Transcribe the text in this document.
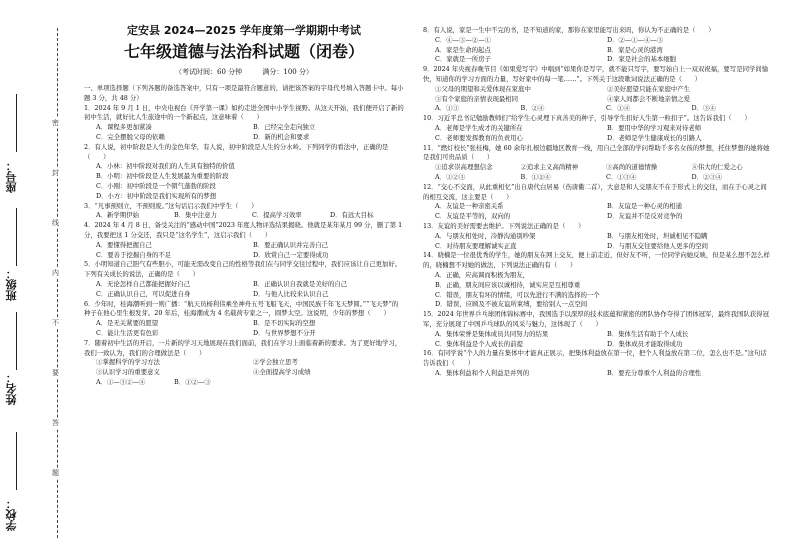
密
封
线
内
不
要
答
题
座号：
班级：
姓名：
学校：
定安县 2024—2025 学年度第一学期期中考试
七年级道德与法治科试题（闭卷）
（考试时间：60 分钟	满分：100 分）
一、单项选择题（下列各题的备选答案中，只有一项是最符合题意的，请把该答案的字母代号填入答题卡中。每小题 3 分，共 48 分）
1．2024 年 9 月 1 日，中央电视台《开学第一课》如约走进全国中小学生视野。从这天开始，我们便开启了新的初中生活，就好比人生旅途中的一个新起点，这意味着（　　）
A．课程多更加紧凑	B．已经完全走向独立
C．完全摆脱父母的依赖	D．新的机会和要求
2．有人说，初中阶段是人生的金色年华，有人说，初中阶段是人生的分水岭。下列同学的看法中，正确的是（　　）
A．小林：初中阶段对我们的人生具有独特的价值
B．小明：初中阶段是人生发展最为重要的阶段
C．小刚：初中阶段是一个朝气蓬勃的阶段
D．小方：初中阶段是我们实现所有的梦想
3．“凡事预则立，不预则废。”这句话启示我们中学生（　　）
A．新学期伊始	B．集中注意力	C．提高学习效率	D．有远大目标
4．2024 年 4 月 8 日，备受关注的“感动中国”2023 年度人物评选结果揭晓。他就是某年某月 99 分，删了第 1 分，我要把这 1 分交还，我只是“这名学生”，这启示我们（　　）
A．要懂得把握自己	B．要正确认识并完善自己
C．要善于挖掘自身的不足	D．欣赏自己一定要得成功
5．小明知道自己胆气有些胆小，可能无需改变自己的性格等我们在与同学交往过程中，我们应该让自己更加好。下列有关成长的说法，正确的是（　　）
A．无论怎样自己都能把握好自己	B．正确认识自我就是美好的自己
C．正确认识自己，可以促进自身	D．与他人比较来认识自己
6．少年时，桂海潮听到一则广播：“航天员杨利伟乘坐神舟五号飞船飞天，中国民族千年飞天梦圆。”“飞天梦”的种子在他心里生根发芽。20 年后，桂海潮成为 4 名载荷专家之一，圆梦太空。这说明，少年的梦想（　　）
A．是无关紧要的愿望	B．是不切实际的空想
C．能让生活更有色彩	D．与世界梦想不分开
7．随着初中生活的开启，一片新的学习天地展现在我们面前，我们在学习上面临着新的要求。为了更好地学习，我们一致认为，我们的合理做法是（　　）
①掌握科学的学习方法	②学会独立思考
③认识学习的重要意义	④全面提高学习成绩
A．①—③②—④	B．①②—③
8．有人说，家是一生中不完的书，是不知道的家，那你在家里能写出来吗，你认为不正确的是（　　）
C．④—③—②—①	D．②—①—④—③
A．家是生命的起点	B．家是心灵的港湾
C．家就是一所房子	D．家是社会的基本细胞
9．2024 年央视春晚节目《如果爱写字》中唱到“如果你是写字，就不能只写字，要写始自上一双双祝福，要写是同学间愉快，知道你的学习方面的力量，写好家中的每一笔……”。下列关于这段歌词说法正确的是（　　）
①父母的期望和关爱体现在家庭中	②美好愿望只能在家庭中产生
③有个家庭的亲情表现最相同	④家人间都会不断地亲情之爱
A．①③	B．②④	C．①④	D．③④
10．习近平总书记勉励教师们“给学生心灵埋下真善美的种子，引导学生扣好人生第一粒扣子”。这告诉我们（　　）
A．老师是学生成才的关键所在	B．要用中华的学习观来对待老师
C．老师要发挥教育的负责用心	D．老师是学生健康成长的引路人
11．“燃灯校长”张桂梅，她 60 余年扎根边疆地区教育一线，用自己全部的学问帮助千多名女孩的梦想，托住梦想的她将她是我们可贵品质（　　）
①追求崇高理想信念	②追求主义高尚精神	③高尚的道德情操	④伟大的仁爱之心
A．①②③	B．①②④	C．①③④	D．②③④
12．“交心不交面，从此重相忆”出自唐代白居易（伤唐衢二首），大意是和人交朋友不在于形式上的交往，而在于心灵之间的相互交流，这主要是（　　）
A．友谊是一种亲密关系	B．友谊是一种心灵的相通
C．友谊是平等的，双向的	D．友谊并不是反对竞争的
13．友谊的美好需要去维护。下列说法正确的是（　　）
A．与朋友相处时，冷静沟通别吵架	B．与朋友相处时，坦诚相见不隐瞒
C．对待朋友要理解诚实正直	D．与朋友交往要给他人更多的空间
14．晓楠是一位很优秀的学生，她的朋友在网上交友，便上前走近，但好友不听，一位同学向她反映，但是某么想不怎么样的，晓楠想不对她的做法，下列说法正确的有（　　）
A．正确，应高调而积极为朋友，
B．正确，朋友间应该以诚相待，诚实应是互相尊重
C．错误，朋友有坏的情绪，可以先进行不满的选择的一个
D．错误，应顾及不被友谊所束缚，要给别人一点空间
15．2024 年世界乒乓球团体锦标赛中，我国选手以深厚的技术底蕴和紧密的团队协作夺得了团体冠军，最终我国队获得冠军，充分展现了中国乒乓球队的风采与魅力，这体现了（　　）
A．集体荣誉是集体成员共同努力的结果	B．集体生活有助于个人成长
C．集体利益是个人成长的前提	D．集体成员才能取得成功
16．有同学说“个人的力量在集体中才能真正展示，把集体利益放在第一位，把个人利益放在第二位，怎么也不是。”这句话告诉我们（　　）
A．集体利益和个人利益是并列的	B．要充分尊重个人利益的合理性
